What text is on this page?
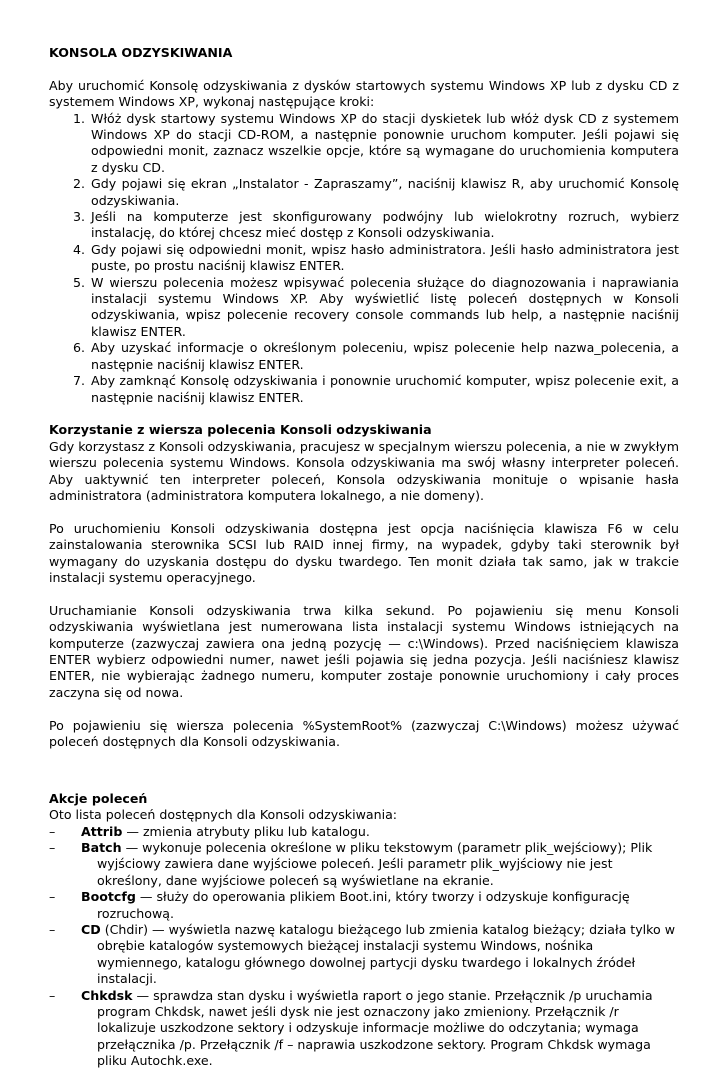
KONSOLA ODZYSKIWANIA

Aby uruchomić Konsolę odzyskiwania z dysków startowych systemu Windows XP lub z dysku CD z systemem Windows XP, wykonaj następujące kroki:

1. Włóż dysk startowy systemu Windows XP do stacji dyskietek lub włóż dysk CD z systemem Windows XP do stacji CD-ROM, a następnie ponownie uruchom komputer. Jeśli pojawi się odpowiedni monit, zaznacz wszelkie opcje, które są wymagane do uruchomienia komputera z dysku CD.
2. Gdy pojawi się ekran „Instalator - Zapraszamy”, naciśnij klawisz R, aby uruchomić Konsolę odzyskiwania.
3. Jeśli na komputerze jest skonfigurowany podwójny lub wielokrotny rozruch, wybierz instalację, do której chcesz mieć dostęp z Konsoli odzyskiwania.
4. Gdy pojawi się odpowiedni monit, wpisz hasło administratora. Jeśli hasło administratora jest puste, po prostu naciśnij klawisz ENTER.
5. W wierszu polecenia możesz wpisywać polecenia służące do diagnozowania i naprawiania instalacji systemu Windows XP. Aby wyświetlić listę poleceń dostępnych w Konsoli odzyskiwania, wpisz polecenie recovery console commands lub help, a następnie naciśnij klawisz ENTER.
6. Aby uzyskać informacje o określonym poleceniu, wpisz polecenie help nazwa_polecenia, a następnie naciśnij klawisz ENTER.
7. Aby zamknąć Konsolę odzyskiwania i ponownie uruchomić komputer, wpisz polecenie exit, a następnie naciśnij klawisz ENTER.
Korzystanie z wiersza polecenia Konsoli odzyskiwania

Gdy korzystasz z Konsoli odzyskiwania, pracujesz w specjalnym wierszu polecenia, a nie w zwykłym wierszu polecenia systemu Windows. Konsola odzyskiwania ma swój własny interpreter poleceń. Aby uaktywnić ten interpreter poleceń, Konsola odzyskiwania monituje o wpisanie hasła administratora (administratora komputera lokalnego, a nie domeny).

Po uruchomieniu Konsoli odzyskiwania dostępna jest opcja naciśnięcia klawisza F6 w celu zainstalowania sterownika SCSI lub RAID innej firmy, na wypadek, gdyby taki sterownik był wymagany do uzyskania dostępu do dysku twardego. Ten monit działa tak samo, jak w trakcie instalacji systemu operacyjnego.

Uruchamianie Konsoli odzyskiwania trwa kilka sekund. Po pojawieniu się menu Konsoli odzyskiwania wyświetlana jest numerowana lista instalacji systemu Windows istniejących na komputerze (zazwyczaj zawiera ona jedną pozycję — c:\Windows). Przed naciśnięciem klawisza ENTER wybierz odpowiedni numer, nawet jeśli pojawia się jedna pozycja. Jeśli naciśniesz klawisz ENTER, nie wybierając żadnego numeru, komputer zostaje ponownie uruchomiony i cały proces zaczyna się od nowa.

Po pojawieniu się wiersza polecenia %SystemRoot% (zazwyczaj C:\Windows) możesz używać poleceń dostępnych dla Konsoli odzyskiwania.

Akcje poleceń

Oto lista poleceń dostępnych dla Konsoli odzyskiwania:

– Attrib — zmienia atrybuty pliku lub katalogu.
– Batch — wykonuje polecenia określone w pliku tekstowym (parametr plik_wejściowy); Plik wyjściowy zawiera dane wyjściowe poleceń. Jeśli parametr plik_wyjściowy nie jest określony, dane wyjściowe poleceń są wyświetlane na ekranie.
– Bootcfg — służy do operowania plikiem Boot.ini, który tworzy i odzyskuje konfigurację rozruchową.
– CD (Chdir) — wyświetla nazwę katalogu bieżącego lub zmienia katalog bieżący; działa tylko w obrębie katalogów systemowych bieżącej instalacji systemu Windows, nośnika wymiennego, katalogu głównego dowolnej partycji dysku twardego i lokalnych źródeł instalacji.
– Chkdsk — sprawdza stan dysku i wyświetla raport o jego stanie. Przełącznik /p uruchamia program Chkdsk, nawet jeśli dysk nie jest oznaczony jako zmieniony. Przełącznik /r lokalizuje uszkodzone sektory i odzyskuje informacje możliwe do odczytania; wymaga przełącznika /p. Przełącznik /f – naprawia uszkodzone sektory. Program Chkdsk wymaga pliku Autochk.exe.
